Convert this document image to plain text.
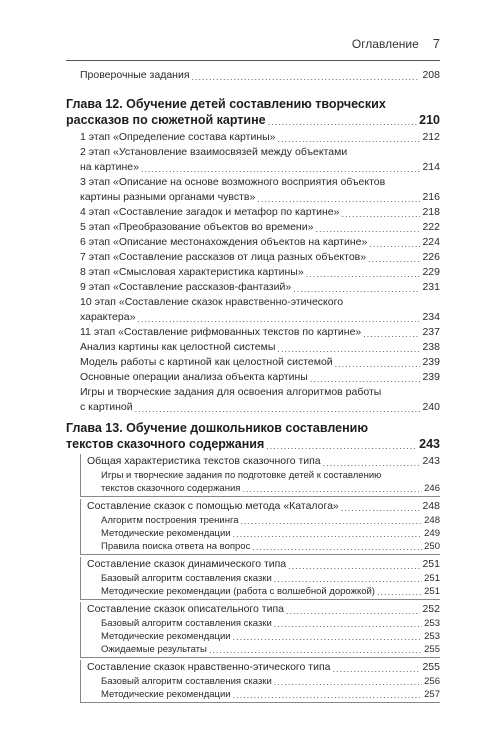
Оглавление 7
Проверочные задания .....	208
Глава 12. Обучение детей составлению творческих
рассказов по сюжетной картине .....	210
1 этап «Определение состава картины» .....	212
2 этап «Установление взаимосвязей между объектами
на картине» .....	214
3 этап «Описание на основе возможного восприятия объектов
картины разными органами чувств» .....	216
4 этап «Составление загадок и метафор по картине» .....	218
5 этап «Преобразование объектов во времени» .....	222
6 этап «Описание местонахождения объектов на картине» .....	224
7 этап «Составление рассказов от лица разных объектов» .....	226
8 этап «Смысловая характеристика картины» .....	229
9 этап «Составление рассказов-фантазий» .....	231
10 этап «Составление сказок нравственно-этического
характера» .....	234
11 этап «Составление рифмованных текстов по картине» .....	237
Анализ картины как целостной системы .....	238
Модель работы с картиной как целостной системой .....	239
Основные операции анализа объекта картины .....	239
Игры и творческие задания для освоения алгоритмов работы
с картиной .....	240
Глава 13. Обучение дошкольников составлению
текстов сказочного содержания .....	243
Общая характеристика текстов сказочного типа .....	243
Игры и творческие задания по подготовке детей к составлению
текстов сказочного содержания .....	246
Составление сказок с помощью метода «Каталога» .....	248
Алгоритм построения тренинга .....	248
Методические рекомендации .....	249
Правила поиска ответа на вопрос .....	250
Составление сказок динамического типа .....	251
Базовый алгоритм составления сказки .....	251
Методические рекомендации (работа с волшебной дорожкой) .....	251
Составление сказок описательного типа .....	252
Базовый алгоритм составления сказки .....	253
Методические рекомендации .....	253
Ожидаемые результаты .....	255
Составление сказок нравственно-этического типа .....	255
Базовый алгоритм составления сказки .....	256
Методические рекомендации .....	257
